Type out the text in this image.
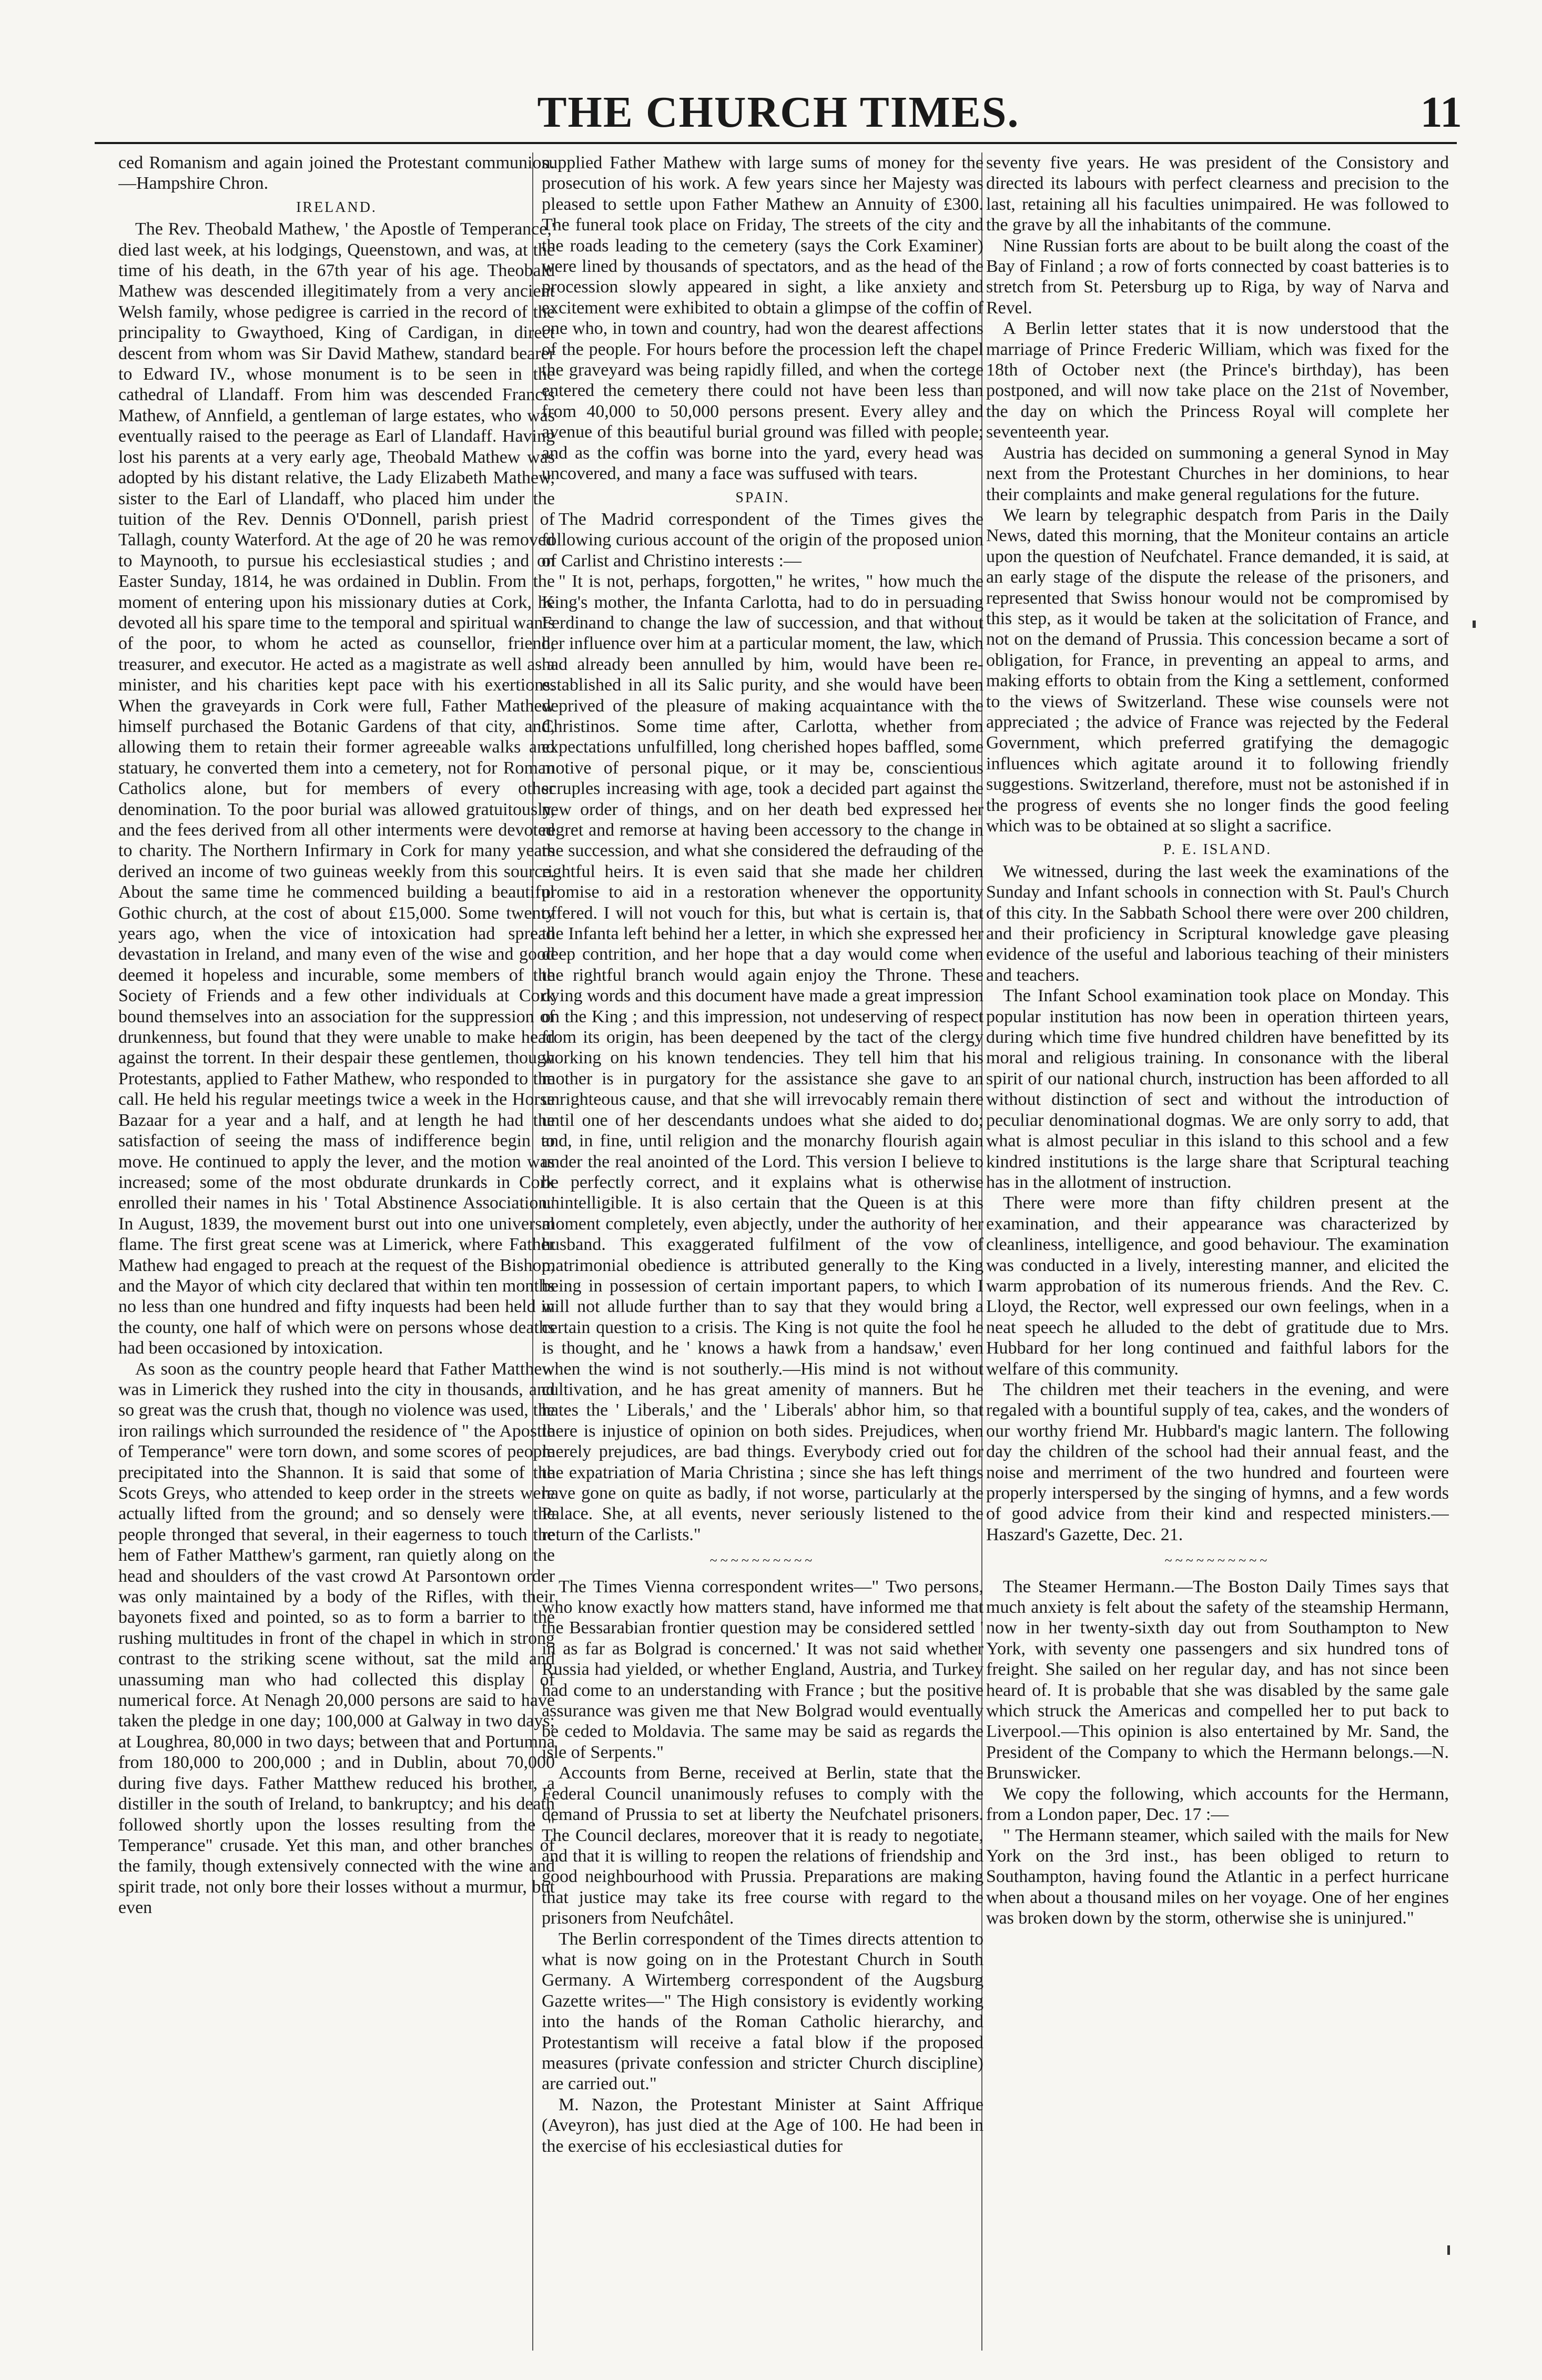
THE CHURCH TIMES.	11

ced Romanism and again joined the Protestant communion.—Hampshire Chron.

IRELAND.

The Rev. Theobald Mathew, ' the Apostle of Temperance,' died last week, at his lodgings, Queenstown, and was, at the time of his death, in the 67th year of his age. Theobald Mathew was descended illegitimately from a very ancient Welsh family, whose pedigree is carried in the record of the principality to Gwaythoed, King of Cardigan, in direct descent from whom was Sir David Mathew, standard bearer to Edward IV., whose monument is to be seen in the cathedral of Llandaff. From him was descended Francis Mathew, of Annfield, a gentleman of large estates, who was eventually raised to the peerage as Earl of Llandaff. Having lost his parents at a very early age, Theobald Mathew was adopted by his distant relative, the Lady Elizabeth Mathew, sister to the Earl of Llandaff, who placed him under the tuition of the Rev. Dennis O'Donnell, parish priest of Tallagh, county Waterford. At the age of 20 he was removed to Maynooth, to pursue his ecclesiastical studies ; and on Easter Sunday, 1814, he was ordained in Dublin. From the moment of entering upon his missionary duties at Cork, he devoted all his spare time to the temporal and spiritual wants of the poor, to whom he acted as counsellor, friend, treasurer, and executor. He acted as a magistrate as well as a minister, and his charities kept pace with his exertions. When the graveyards in Cork were full, Father Mathew himself purchased the Botanic Gardens of that city, and, allowing them to retain their former agreeable walks and statuary, he converted them into a cemetery, not for Roman Catholics alone, but for members of every other denomination. To the poor burial was allowed gratuitously, and the fees derived from all other interments were devoted to charity. The Northern Infirmary in Cork for many years derived an income of two guineas weekly from this source. About the same time he commenced building a beautiful Gothic church, at the cost of about £15,000. Some twenty years ago, when the vice of intoxication had spread devastation in Ireland, and many even of the wise and good deemed it hopeless and incurable, some members of the Society of Friends and a few other individuals at Cork bound themselves into an association for the suppression of drunkenness, but found that they were unable to make head against the torrent. In their despair these gentlemen, though Protestants, applied to Father Mathew, who responded to the call. He held his regular meetings twice a week in the Horse Bazaar for a year and a half, and at length he had the satisfaction of seeing the mass of indifference begin to move. He continued to apply the lever, and the motion was increased; some of the most obdurate drunkards in Cork enrolled their names in his ' Total Abstinence Association.' In August, 1839, the movement burst out into one universal flame. The first great scene was at Limerick, where Father Mathew had engaged to preach at the request of the Bishop, and the Mayor of which city declared that within ten months no less than one hundred and fifty inquests had been held in the county, one half of which were on persons whose deaths had been occasioned by intoxication.

As soon as the country people heard that Father Matthew was in Limerick they rushed into the city in thousands, and so great was the crush that, though no violence was used, the iron railings which surrounded the residence of " the Apostle of Temperance" were torn down, and some scores of people precipitated into the Shannon. It is said that some of the Scots Greys, who attended to keep order in the streets were actually lifted from the ground; and so densely were the people thronged that several, in their eagerness to touch the hem of Father Matthew's garment, ran quietly along on the head and shoulders of the vast crowd At Parsontown order was only maintained by a body of the Rifles, with their bayonets fixed and pointed, so as to form a barrier to the rushing multitudes in front of the chapel in which in strong contrast to the striking scene without, sat the mild and unassuming man who had collected this display of numerical force. At Nenagh 20,000 persons are said to have taken the pledge in one day; 100,000 at Galway in two days; at Loughrea, 80,000 in two days; between that and Portumna from 180,000 to 200,000 ; and in Dublin, about 70,000 during five days. Father Matthew reduced his brother, a distiller in the south of Ireland, to bankruptcy; and his death followed shortly upon the losses resulting from the " Temperance" crusade. Yet this man, and other branches of the family, though extensively connected with the wine and spirit trade, not only bore their losses without a murmur, but even

supplied Father Mathew with large sums of money for the prosecution of his work. A few years since her Majesty was pleased to settle upon Father Mathew an Annuity of £300. The funeral took place on Friday, The streets of the city and the roads leading to the cemetery (says the Cork Examiner) were lined by thousands of spectators, and as the head of the procession slowly appeared in sight, a like anxiety and excitement were exhibited to obtain a glimpse of the coffin of one who, in town and country, had won the dearest affections of the people. For hours before the procession left the chapel the graveyard was being rapidly filled, and when the cortege entered the cemetery there could not have been less than from 40,000 to 50,000 persons present. Every alley and avenue of this beautiful burial ground was filled with people; and as the coffin was borne into the yard, every head was uncovered, and many a face was suffused with tears.

SPAIN.

The Madrid correspondent of the Times gives the following curious account of the origin of the proposed union of Carlist and Christino interests :—

" It is not, perhaps, forgotten," he writes, " how much the King's mother, the Infanta Carlotta, had to do in persuading Ferdinand to change the law of succession, and that without her influence over him at a particular moment, the law, which had already been annulled by him, would have been re-established in all its Salic purity, and she would have been deprived of the pleasure of making acquaintance with the Christinos. Some time after, Carlotta, whether from expectations unfulfilled, long cherished hopes baffled, some motive of personal pique, or it may be, conscientious scruples increasing with age, took a decided part against the new order of things, and on her death bed expressed her regret and remorse at having been accessory to the change in the succession, and what she considered the defrauding of the rightful heirs. It is even said that she made her children promise to aid in a restoration whenever the opportunity offered. I will not vouch for this, but what is certain is, that the Infanta left behind her a letter, in which she expressed her deep contrition, and her hope that a day would come when the rightful branch would again enjoy the Throne. These dying words and this document have made a great impression on the King ; and this impression, not undeserving of respect from its origin, has been deepened by the tact of the clergy working on his known tendencies. They tell him that his mother is in purgatory for the assistance she gave to an unrighteous cause, and that she will irrevocably remain there until one of her descendants undoes what she aided to do; and, in fine, until religion and the monarchy flourish again under the real anointed of the Lord. This version I believe to be perfectly correct, and it explains what is otherwise unintelligible. It is also certain that the Queen is at this moment completely, even abjectly, under the authority of her husband. This exaggerated fulfilment of the vow of matrimonial obedience is attributed generally to the King being in possession of certain important papers, to which I will not allude further than to say that they would bring a certain question to a crisis. The King is not quite the fool he is thought, and he ' knows a hawk from a handsaw,' even when the wind is not southerly.—His mind is not without cultivation, and he has great amenity of manners. But he hates the ' Liberals,' and the ' Liberals' abhor him, so that there is injustice of opinion on both sides. Prejudices, when merely prejudices, are bad things. Everybody cried out for the expatriation of Maria Christina ; since she has left things have gone on quite as badly, if not worse, particularly at the Palace. She, at all events, never seriously listened to the return of the Carlists."

~~~~~~~~~~

The Times Vienna correspondent writes—" Two persons, who know exactly how matters stand, have informed me that the Bessarabian frontier question may be considered settled ' in as far as Bolgrad is concerned.' It was not said whether Russia had yielded, or whether England, Austria, and Turkey had come to an understanding with France ; but the positive assurance was given me that New Bolgrad would eventually be ceded to Moldavia. The same may be said as regards the isle of Serpents."

Accounts from Berne, received at Berlin, state that the Federal Council unanimously refuses to comply with the demand of Prussia to set at liberty the Neufchatel prisoners. The Council declares, moreover that it is ready to negotiate, and that it is willing to reopen the relations of friendship and good neighbourhood with Prussia. Preparations are making that justice may take its free course with regard to the prisoners from Neufchâtel.

The Berlin correspondent of the Times directs attention to what is now going on in the Protestant Church in South Germany. A Wirtemberg correspondent of the Augsburg Gazette writes—" The High consistory is evidently working into the hands of the Roman Catholic hierarchy, and Protestantism will receive a fatal blow if the proposed measures (private confession and stricter Church discipline) are carried out."

M. Nazon, the Protestant Minister at Saint Affrique (Aveyron), has just died at the Age of 100. He had been in the exercise of his ecclesiastical duties for

seventy five years. He was president of the Consistory and directed its labours with perfect clearness and precision to the last, retaining all his faculties unimpaired. He was followed to the grave by all the inhabitants of the commune.

Nine Russian forts are about to be built along the coast of the Bay of Finland ; a row of forts connected by coast batteries is to stretch from St. Petersburg up to Riga, by way of Narva and Revel.

A Berlin letter states that it is now understood that the marriage of Prince Frederic William, which was fixed for the 18th of October next (the Prince's birthday), has been postponed, and will now take place on the 21st of November, the day on which the Princess Royal will complete her seventeenth year.

Austria has decided on summoning a general Synod in May next from the Protestant Churches in her dominions, to hear their complaints and make general regulations for the future.

We learn by telegraphic despatch from Paris in the Daily News, dated this morning, that the Moniteur contains an article upon the question of Neufchatel. France demanded, it is said, at an early stage of the dispute the release of the prisoners, and represented that Swiss honour would not be compromised by this step, as it would be taken at the solicitation of France, and not on the demand of Prussia. This concession became a sort of obligation, for France, in preventing an appeal to arms, and making efforts to obtain from the King a settlement, conformed to the views of Switzerland. These wise counsels were not appreciated ; the advice of France was rejected by the Federal Government, which preferred gratifying the demagogic influences which agitate around it to following friendly suggestions. Switzerland, therefore, must not be astonished if in the progress of events she no longer finds the good feeling which was to be obtained at so slight a sacrifice.

P. E. ISLAND.

We witnessed, during the last week the examinations of the Sunday and Infant schools in connection with St. Paul's Church of this city. In the Sabbath School there were over 200 children, and their proficiency in Scriptural knowledge gave pleasing evidence of the useful and laborious teaching of their ministers and teachers.

The Infant School examination took place on Monday. This popular institution has now been in operation thirteen years, during which time five hundred children have benefitted by its moral and religious training. In consonance with the liberal spirit of our national church, instruction has been afforded to all without distinction of sect and without the introduction of peculiar denominational dogmas. We are only sorry to add, that what is almost peculiar in this island to this school and a few kindred institutions is the large share that Scriptural teaching has in the allotment of instruction.

There were more than fifty children present at the examination, and their appearance was characterized by cleanliness, intelligence, and good behaviour. The examination was conducted in a lively, interesting manner, and elicited the warm approbation of its numerous friends. And the Rev. C. Lloyd, the Rector, well expressed our own feelings, when in a neat speech he alluded to the debt of gratitude due to Mrs. Hubbard for her long continued and faithful labors for the welfare of this community.

The children met their teachers in the evening, and were regaled with a bountiful supply of tea, cakes, and the wonders of our worthy friend Mr. Hubbard's magic lantern. The following day the children of the school had their annual feast, and the noise and merriment of the two hundred and fourteen were properly interspersed by the singing of hymns, and a few words of good advice from their kind and respected ministers.—Haszard's Gazette, Dec. 21.

~~~~~~~~~~

The Steamer Hermann.—The Boston Daily Times says that much anxiety is felt about the safety of the steamship Hermann, now in her twenty-sixth day out from Southampton to New York, with seventy one passengers and six hundred tons of freight. She sailed on her regular day, and has not since been heard of. It is probable that she was disabled by the same gale which struck the Americas and compelled her to put back to Liverpool.—This opinion is also entertained by Mr. Sand, the President of the Company to which the Hermann belongs.—N. Brunswicker.

We copy the following, which accounts for the Hermann, from a London paper, Dec. 17 :—

" The Hermann steamer, which sailed with the mails for New York on the 3rd inst., has been obliged to return to Southampton, having found the Atlantic in a perfect hurricane when about a thousand miles on her voyage. One of her engines was broken down by the storm, otherwise she is uninjured."
